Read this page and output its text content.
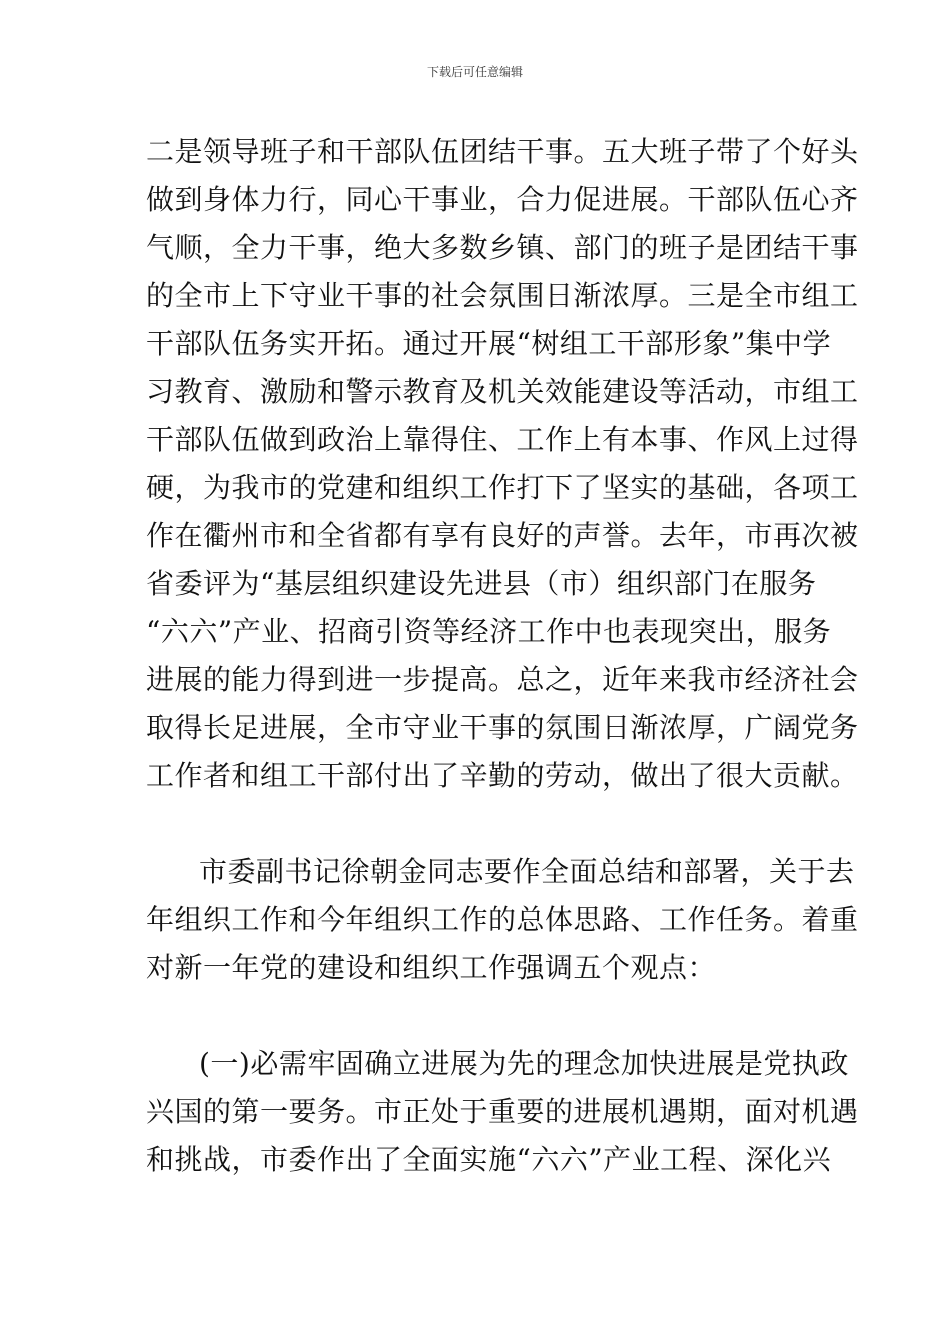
下载后可任意编辑
二是领导班子和干部队伍团结干事。五大班子带了个好头
做到身体力行，同心干事业，合力促进展。干部队伍心齐
气顺，全力干事，绝大多数乡镇、部门的班子是团结干事
的全市上下守业干事的社会氛围日渐浓厚。三是全市组工
干部队伍务实开拓。通过开展“树组工干部形象”集中学
习教育、激励和警示教育及机关效能建设等活动，市组工
干部队伍做到政治上靠得住、工作上有本事、作风上过得
硬，为我市的党建和组织工作打下了坚实的基础，各项工
作在衢州市和全省都有享有良好的声誉。去年，市再次被
省委评为“基层组织建设先进县（市）组织部门在服务
“六六”产业、招商引资等经济工作中也表现突出，服务
进展的能力得到进一步提高。总之，近年来我市经济社会
取得长足进展，全市守业干事的氛围日渐浓厚，广阔党务
工作者和组工干部付出了辛勤的劳动，做出了很大贡献。
市委副书记徐朝金同志要作全面总结和部署，关于去
年组织工作和今年组织工作的总体思路、工作任务。着重
对新一年党的建设和组织工作强调五个观点：
(一)必需牢固确立进展为先的理念加快进展是党执政
兴国的第一要务。市正处于重要的进展机遇期，面对机遇
和挑战，市委作出了全面实施“六六”产业工程、深化兴
